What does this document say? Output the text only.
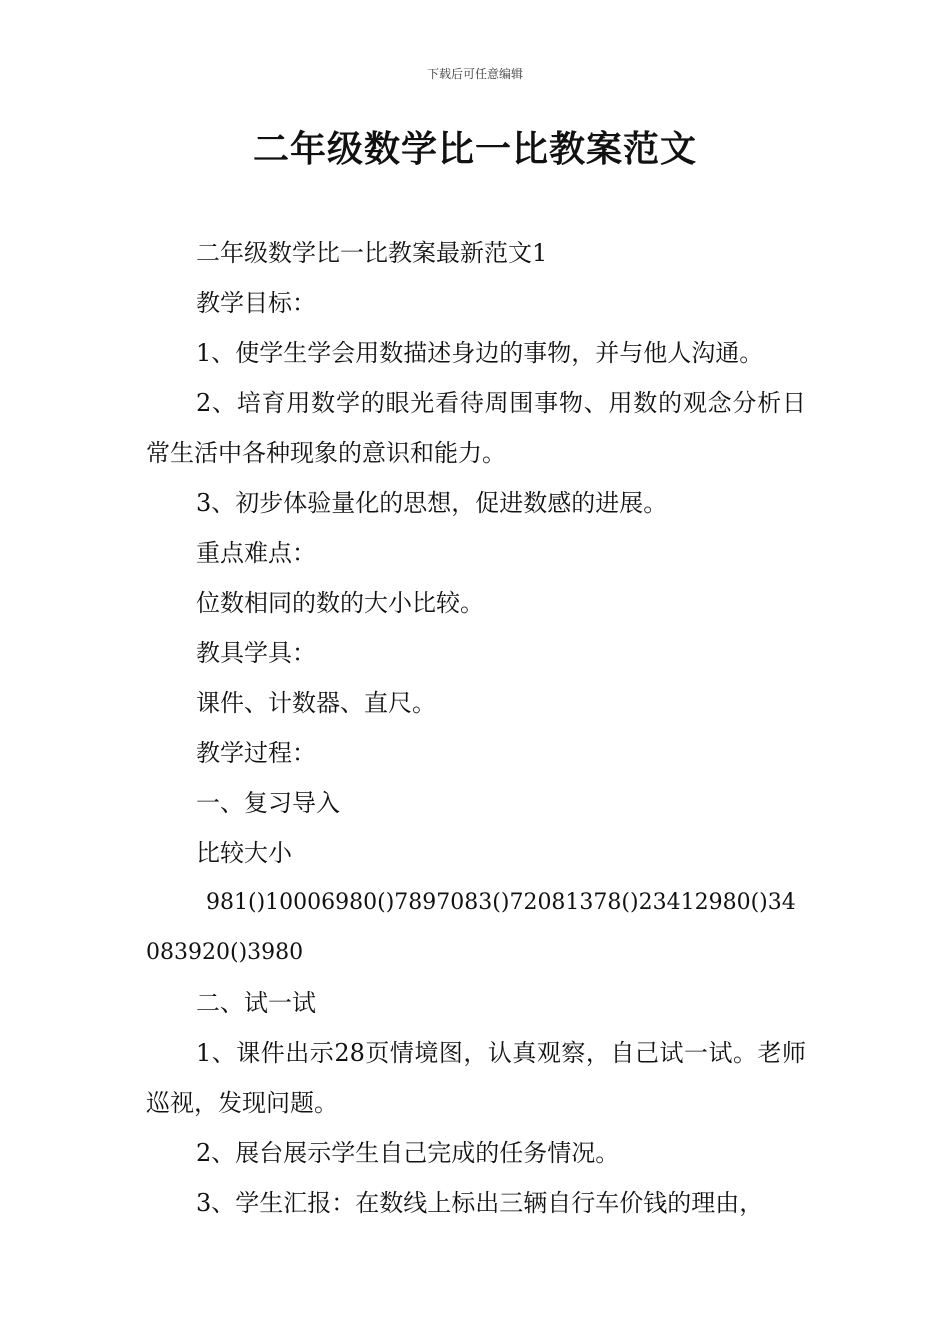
下载后可任意编辑
二年级数学比一比教案范文

二年级数学比一比教案最新范文1

教学目标：

1、使学生学会用数描述身边的事物，并与他人沟通。

2、培育用数学的眼光看待周围事物、用数的观念分析日常生活中各种现象的意识和能力。

3、初步体验量化的思想，促进数感的进展。

重点难点：

位数相同的数的大小比较。

教具学具：

课件、计数器、直尺。

教学过程：

一、复习导入

比较大小

981()10006980()7897083()72081378()23412980()34083920()3980

二、试一试

1、课件出示28页情境图，认真观察，自己试一试。老师巡视，发现问题。

2、展台展示学生自己完成的任务情况。

3、学生汇报：在数线上标出三辆自行车价钱的理由，
